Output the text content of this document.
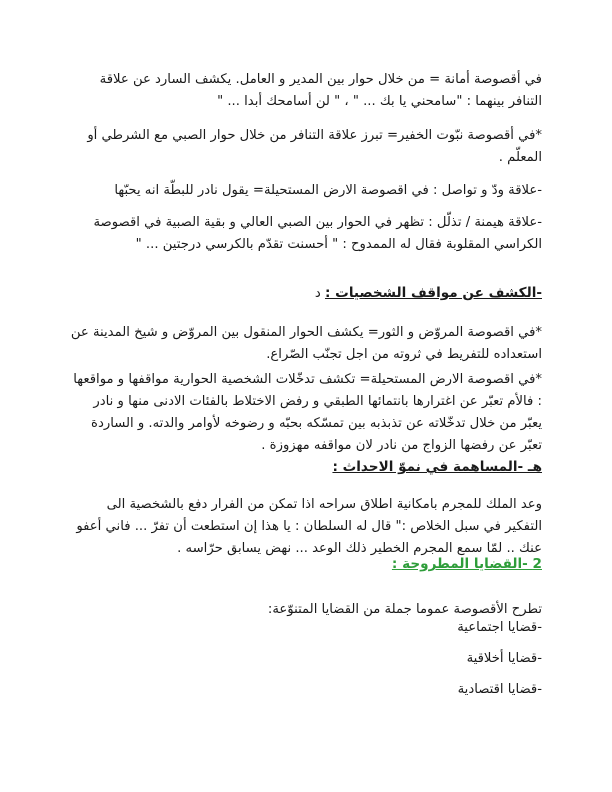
في أقصوصة أمانة = من خلال حوار بين المدير و العامل. يكشف السارد عن علاقة التنافر بينهما : "سامحني يا بك ... " ، " لن أسامحك أبدا ... "

*في أقصوصة نبّوت الخفير= تبرز علاقة التنافر من خلال حوار الصبي مع الشرطي أو المعلّم .

-علاقة ودّ و تواصل : في اقصوصة الارض المستحيلة= يقول نادر للبطّة انه يحبّها

-علاقة هيمنة / تذلّل : تظهر في الحوار بين الصبي العالي و بقية الصبية في اقصوصة الكراسي المقلوبة فقال له الممدوح : " أحسنت تقدّم بالكرسي درجتين ... "

-الكشف عن مواقف الشخصيات : د

*في اقصوصة المروّض و الثور= يكشف الحوار المنقول بين المروّض و شيخ المدينة عن استعداده للتفريط في ثروته من اجل تجنّب الصّراع.

*في اقصوصة الارض المستحيلة= تكشف تدخّلات الشخصية الحوارية مواقفها و مواقعها : فالأم تعبّر عن اغترارها بانتمائها الطبقي و رفض الاختلاط بالفئات الادنى منها و نادر يعبّر من خلال تدخّلاته عن تذبذبه بين تمسّكه بحبّه و رضوخه لأوامر والدته. و الساردة تعبّر عن رفضها الزواج من نادر لان مواقفه مهزوزة .

هـ -المساهمة في نموّ الاحداث :

وعد الملك للمجرم بامكانية اطلاق سراحه اذا تمكن من الفرار دفع بالشخصية الى التفكير في سبل الخلاص :" قال له السلطان : يا هذا إن استطعت أن تفرّ ... فاني أعفو عنك .. لمّا سمع المجرم الخطير ذلك الوعد ... نهض يسابق حرّاسه .

2 -القضايا المطروحة :

تطرح الأقصوصة عموما جملة من القضايا المتنوّعة:

-قضايا اجتماعية
-قضايا أخلاقية
-قضايا اقتصادية
